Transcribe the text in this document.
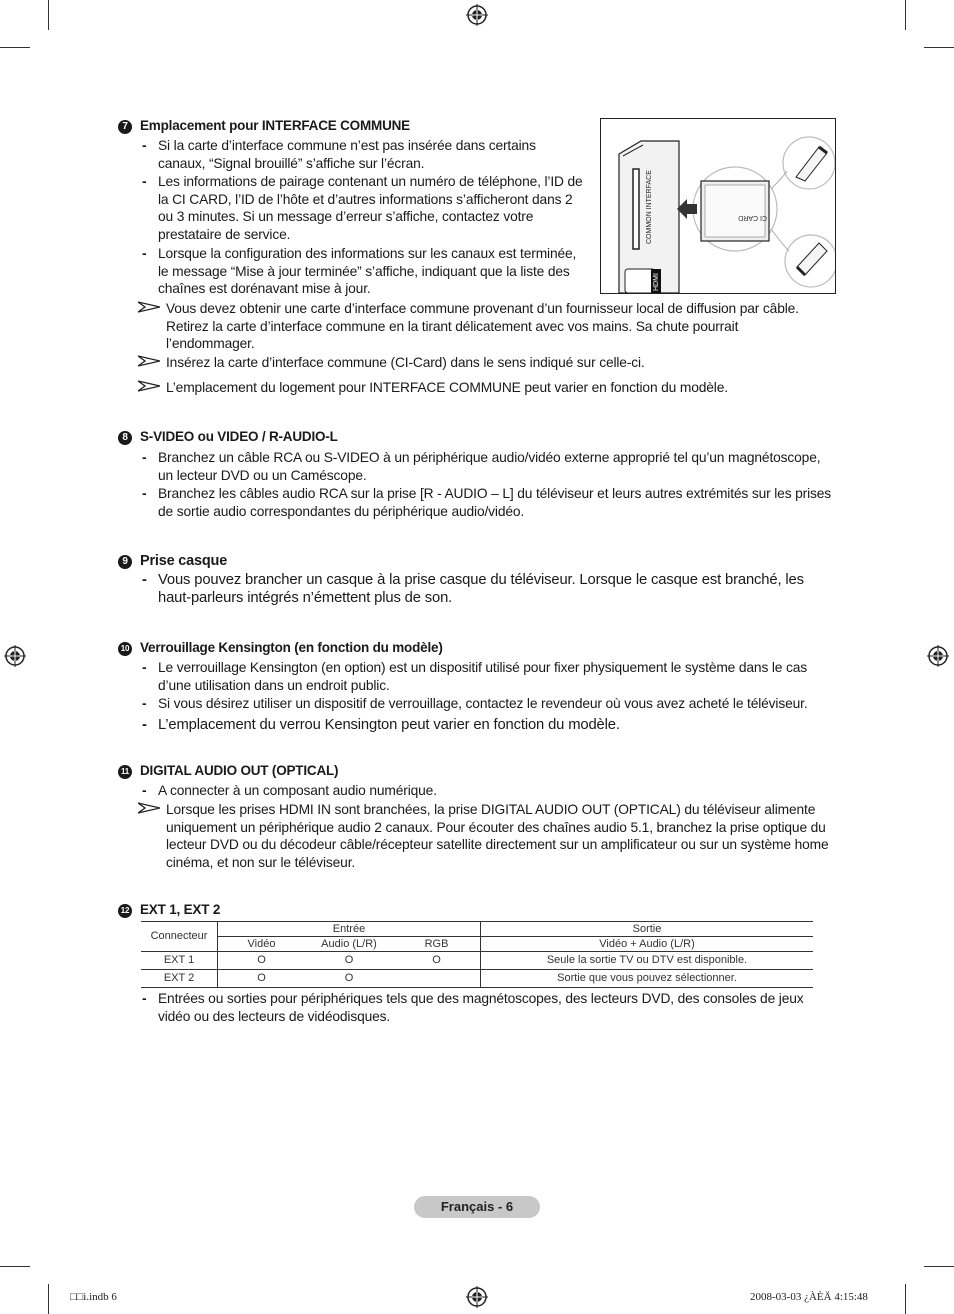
7 Emplacement pour INTERFACE COMMUNE
- Si la carte d’interface commune n’est pas insérée dans certains canaux, “Signal brouillé” s’affiche sur l’écran.
- Les informations de pairage contenant un numéro de téléphone, l’ID de la CI CARD, l’ID de l’hôte et d’autres informations s’afficheront dans 2 ou 3 minutes. Si un message d’erreur s’affiche, contactez votre prestataire de service.
- Lorsque la configuration des informations sur les canaux est terminée, le message “Mise à jour terminée” s’affiche, indiquant que la liste des chaînes est dorénavant mise à jour.	HDMI
COMMON INTERFACE	CI CARD
Vous devez obtenir une carte d’interface commune provenant d’un fournisseur local de diffusion par câble. Retirez la carte d’interface commune en la tirant délicatement avec vos mains. Sa chute pourrait l’endommager.
Insérez la carte d’interface commune (CI-Card) dans le sens indiqué sur celle-ci.
L’emplacement du logement pour INTERFACE COMMUNE peut varier en fonction du modèle.
8 S-VIDEO ou VIDEO / R-AUDIO-L
- Branchez un câble RCA ou S-VIDEO à un périphérique audio/vidéo externe approprié tel qu’un magnétoscope, un lecteur DVD ou un Caméscope.
- Branchez les câbles audio RCA sur la prise [R - AUDIO – L] du téléviseur et leurs autres extrémités sur les prises de sortie audio correspondantes du périphérique audio/vidéo.
9 Prise casque
- Vous pouvez brancher un casque à la prise casque du téléviseur. Lorsque le casque est branché, les haut-parleurs intégrés n’émettent plus de son.
10 Verrouillage Kensington (en fonction du modèle)
- Le verrouillage Kensington (en option) est un dispositif utilisé pour fixer physiquement le système dans le cas d’une utilisation dans un endroit public.
- Si vous désirez utiliser un dispositif de verrouillage, contactez le revendeur où vous avez acheté le téléviseur.
- L’emplacement du verrou Kensington peut varier en fonction du modèle.
11 DIGITAL AUDIO OUT (OPTICAL)
- A connecter à un composant audio numérique.
Lorsque les prises HDMI IN sont branchées, la prise DIGITAL AUDIO OUT (OPTICAL) du téléviseur alimente uniquement un périphérique audio 2 canaux. Pour écouter des chaînes audio 5.1, branchez la prise optique du lecteur DVD ou du décodeur câble/récepteur satellite directement sur un amplificateur ou sur un système home cinéma, et non sur le téléviseur.
12 EXT 1, EXT 2
Connecteur	Entrée			Sortie
	Vidéo	Audio (L/R)	RGB	Vidéo + Audio (L/R)
EXT 1	O	O	O	Seule la sortie TV ou DTV est disponible.
EXT 2	O	O		Sortie que vous pouvez sélectionner.
- Entrées ou sorties pour périphériques tels que des magnétoscopes, des lecteurs DVD, des consoles de jeux vidéo ou des lecteurs de vidéodisques.
Français - 6
□□i.indb 6	2008-03-03 ¿ÀÈÄ 4:15:48
